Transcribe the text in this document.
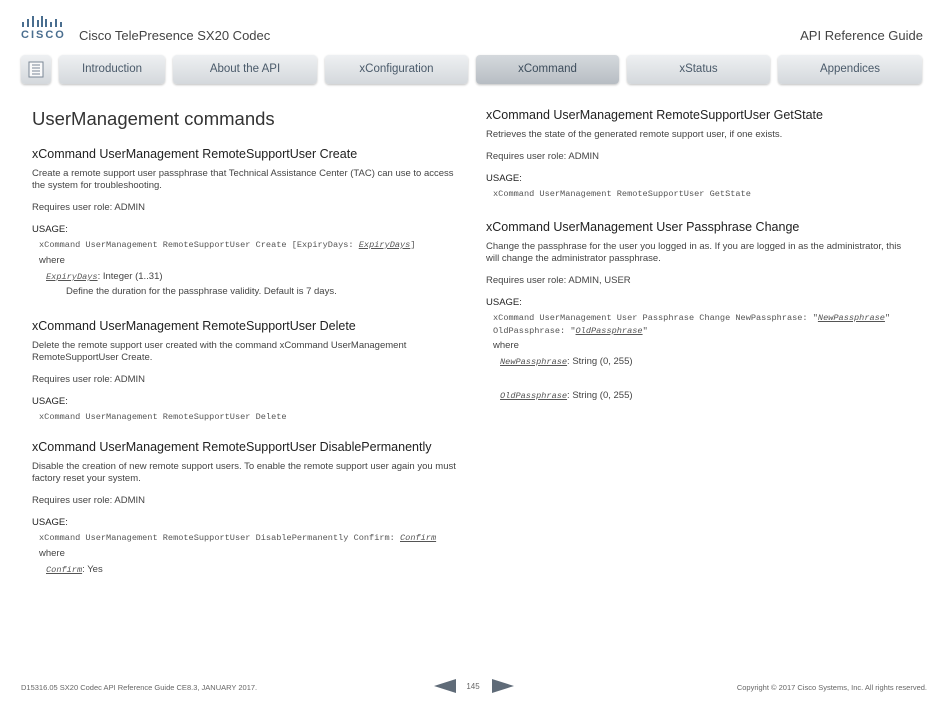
CISCO Cisco TelePresence SX20 Codec	API Reference Guide
Introduction	About the API	xConfiguration	xCommand	xStatus	Appendices
UserManagement commands
xCommand UserManagement RemoteSupportUser Create

Create a remote support user passphrase that Technical Assistance Center (TAC) can use to access the system for troubleshooting.

Requires user role: ADMIN

USAGE:
xCommand UserManagement RemoteSupportUser Create [ExpiryDays: ExpiryDays]
where
ExpiryDays: Integer (1..31)
Define the duration for the passphrase validity. Default is 7 days.
xCommand UserManagement RemoteSupportUser Delete

Delete the remote support user created with the command xCommand UserManagement RemoteSupportUser Create.

Requires user role: ADMIN

USAGE:
xCommand UserManagement RemoteSupportUser Delete
xCommand UserManagement RemoteSupportUser DisablePermanently

Disable the creation of new remote support users. To enable the remote support user again you must factory reset your system.

Requires user role: ADMIN

USAGE:
xCommand UserManagement RemoteSupportUser DisablePermanently Confirm: Confirm
where
Confirm: Yes
xCommand UserManagement RemoteSupportUser GetState

Retrieves the state of the generated remote support user, if one exists.

Requires user role: ADMIN

USAGE:
xCommand UserManagement RemoteSupportUser GetState
xCommand UserManagement User Passphrase Change

Change the passphrase for the user you logged in as. If you are logged in as the administrator, this will change the administrator passphrase.

Requires user role: ADMIN, USER

USAGE:
xCommand UserManagement User Passphrase Change NewPassphrase: "NewPassphrase"
OldPassphrase: "OldPassphrase"
where
NewPassphrase: String (0, 255)
OldPassphrase: String (0, 255)
D15316.05 SX20 Codec API Reference Guide CE8.3, JANUARY 2017.	145	Copyright © 2017 Cisco Systems, Inc. All rights reserved.
